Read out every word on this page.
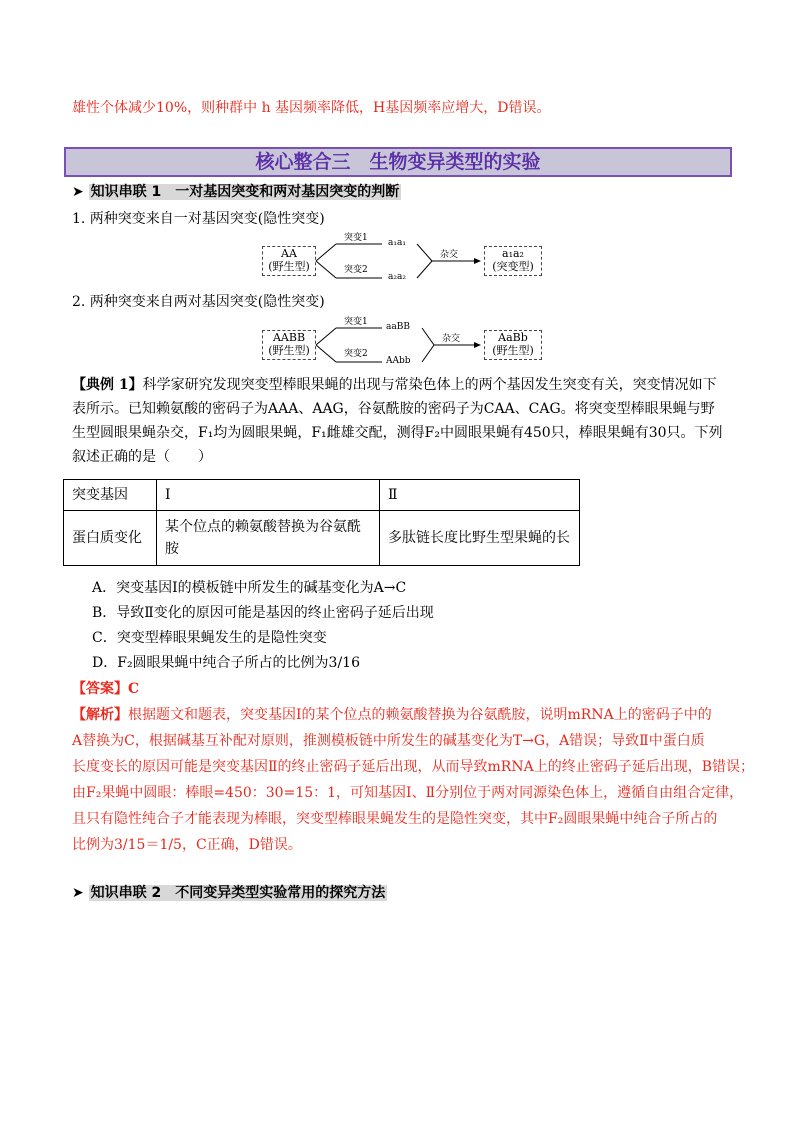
雄性个体减少10%，则种群中 h 基因频率降低，H基因频率应增大，D错误。
核心整合三　生物变异类型的实验
➤ 知识串联 1　一对基因突变和两对基因突变的判断
1. 两种突变来自一对基因突变(隐性突变)
AA
(野生型)
突变1
突变2
a₁a₁
a₂a₂
杂交	a₁a₂
(突变型)
2. 两种突变来自两对基因突变(隐性突变)
AABB
(野生型)
突变1
突变2
aaBB
AAbb
杂交	AaBb
(野生型)
【典例 1】科学家研究发现突变型棒眼果蝇的出现与常染色体上的两个基因发生突变有关，突变情况如下
表所示。已知赖氨酸的密码子为AAA、AAG，谷氨酰胺的密码子为CAA、CAG。将突变型棒眼果蝇与野
生型圆眼果蝇杂交，F₁均为圆眼果蝇，F₁雌雄交配，测得F₂中圆眼果蝇有450只，棒眼果蝇有30只。下列
叙述正确的是（　　）
突变基因	Ⅰ	Ⅱ
蛋白质变化	某个位点的赖氨酸替换为谷氨酰胺	多肽链长度比野生型果蝇的长
A．突变基因Ⅰ的模板链中所发生的碱基变化为A→C
B．导致Ⅱ变化的原因可能是基因的终止密码子延后出现
C．突变型棒眼果蝇发生的是隐性突变
D．F₂圆眼果蝇中纯合子所占的比例为3/16
【答案】C
【解析】根据题文和题表，突变基因Ⅰ的某个位点的赖氨酸替换为谷氨酰胺，说明mRNA上的密码子中的
A替换为C，根据碱基互补配对原则，推测模板链中所发生的碱基变化为T→G，A错误；导致Ⅱ中蛋白质
长度变长的原因可能是突变基因Ⅱ的终止密码子延后出现，从而导致mRNA上的终止密码子延后出现，B错误；
由F₂果蝇中圆眼：棒眼=450：30=15：1，可知基因Ⅰ、Ⅱ分别位于两对同源染色体上，遵循自由组合定律，
且只有隐性纯合子才能表现为棒眼，突变型棒眼果蝇发生的是隐性突变，其中F₂圆眼果蝇中纯合子所占的
比例为3/15＝1/5，C正确，D错误。
➤ 知识串联 2　不同变异类型实验常用的探究方法
